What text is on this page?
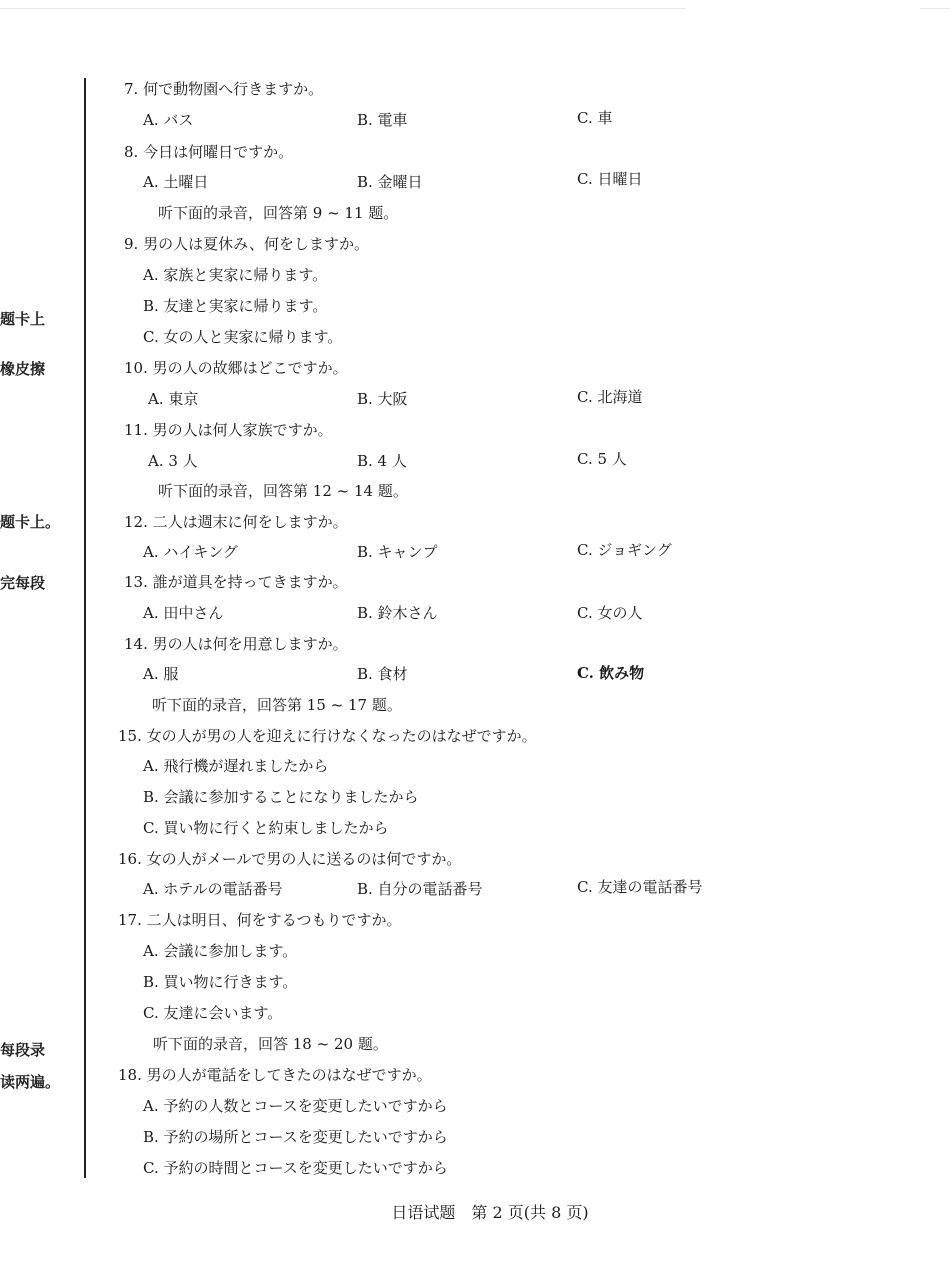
题卡上
橡皮擦
题卡上。
完每段
每段录
读两遍。
7. 何で動物園へ行きますか。
A. バス	B. 電車	C. 車
8. 今日は何曜日ですか。
A. 土曜日	B. 金曜日	C. 日曜日
听下面的录音，回答第 9 ~ 11 题。
9. 男の人は夏休み、何をしますか。
A. 家族と実家に帰ります。
B. 友達と実家に帰ります。
C. 女の人と実家に帰ります。
10. 男の人の故郷はどこですか。
A. 東京	B. 大阪	C. 北海道
11. 男の人は何人家族ですか。
A. 3 人	B. 4 人	C. 5 人
听下面的录音，回答第 12 ~ 14 题。
12. 二人は週末に何をしますか。
A. ハイキング	B. キャンプ	C. ジョギング
13. 誰が道具を持ってきますか。
A. 田中さん	B. 鈴木さん	C. 女の人
14. 男の人は何を用意しますか。
A. 服	B. 食材	C. 飲み物
听下面的录音，回答第 15 ~ 17 题。
15. 女の人が男の人を迎えに行けなくなったのはなぜですか。
A. 飛行機が遅れましたから
B. 会議に参加することになりましたから
C. 買い物に行くと約束しましたから
16. 女の人がメールで男の人に送るのは何ですか。
A. ホテルの電話番号	B. 自分の電話番号	C. 友達の電話番号
17. 二人は明日、何をするつもりですか。
A. 会議に参加します。
B. 買い物に行きます。
C. 友達に会います。
听下面的录音，回答 18 ~ 20 题。
18. 男の人が電話をしてきたのはなぜですか。
A. 予約の人数とコースを変更したいですから
B. 予約の場所とコースを変更したいですから
C. 予約の時間とコースを変更したいですから
日语试题　第 2 页(共 8 页)
